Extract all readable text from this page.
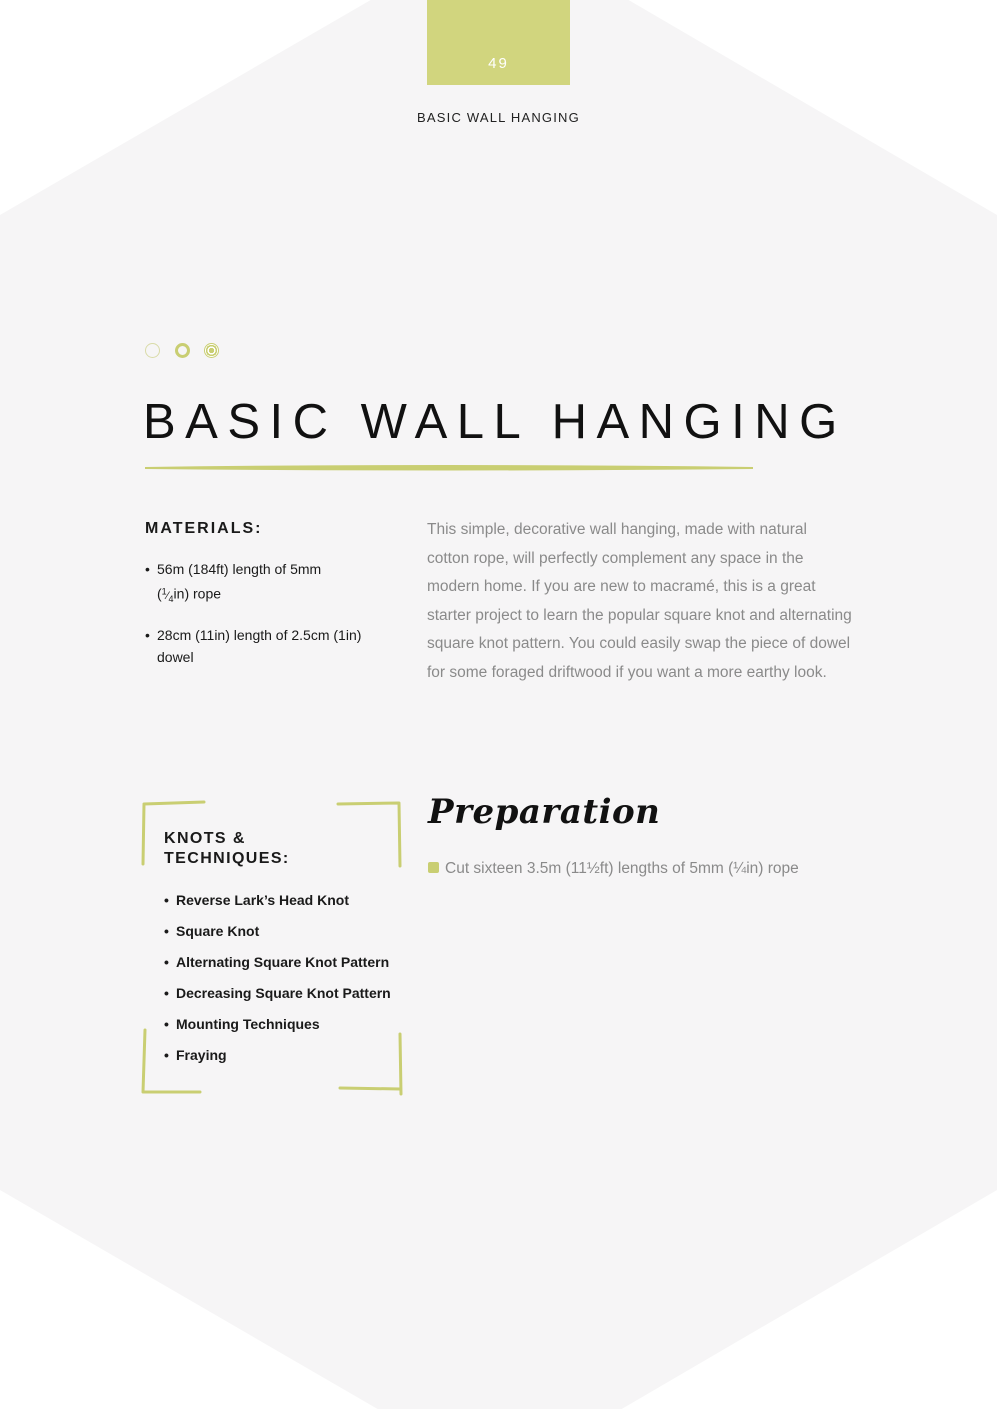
49
BASIC WALL HANGING
BASIC WALL HANGING
MATERIALS:
• 56m (184ft) length of 5mm
$(^1⁄_4in)$ rope
• 28cm (11in) length of 2.5cm (1in) dowel

This simple, decorative wall hanging, made with natural cotton rope, will perfectly complement any space in the modern home. If you are new to macramé, this is a great starter project to learn the popular square knot and alternating square knot pattern. You could easily swap the piece of dowel for some foraged driftwood if you want a more earthy look.

KNOTS &
TECHNIQUES:
• Reverse Lark’s Head Knot
• Square Knot
• Alternating Square Knot Pattern
• Decreasing Square Knot Pattern
• Mounting Techniques
• Fraying
Preparation
Cut sixteen 3.5m (11½ft) lengths of 5mm (¼in) rope
